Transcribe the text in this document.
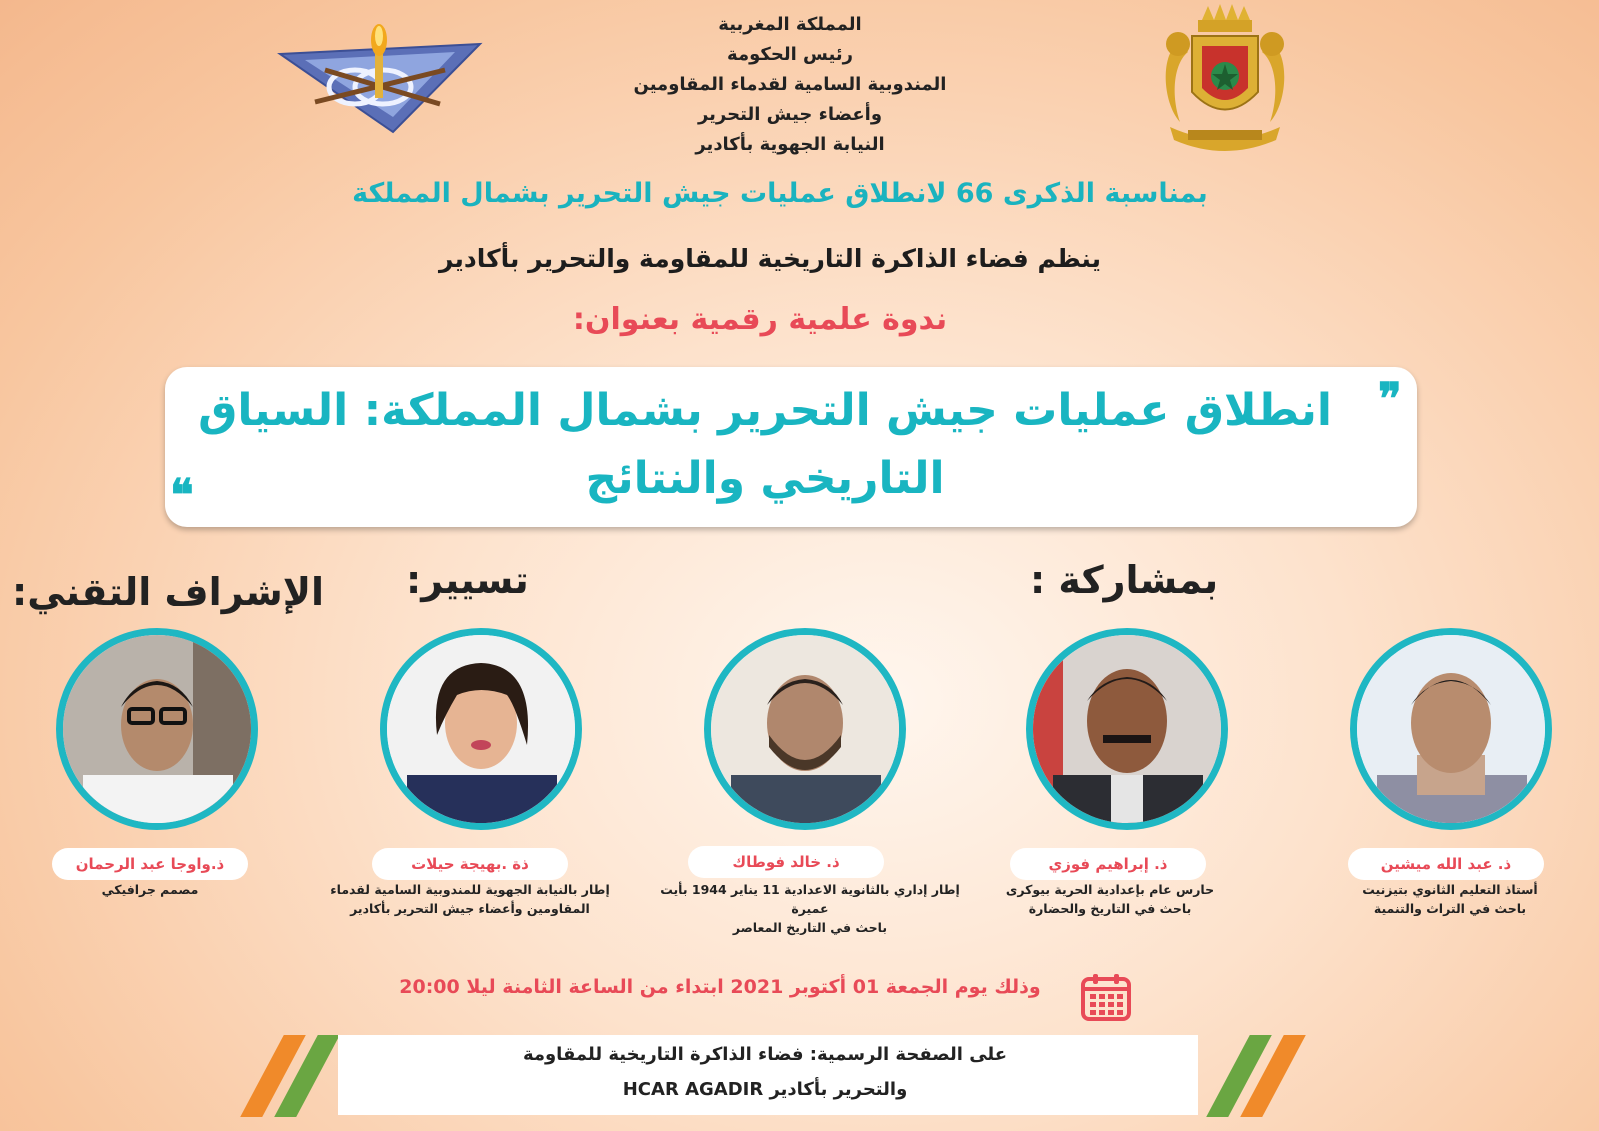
المملكة المغربية
رئيس الحكومة
المندوبية السامية لقدماء المقاومين
وأعضاء جيش التحرير
النيابة الجهوية بأكادير
بمناسبة الذكرى 66 لانطلاق عمليات جيش التحرير بشمال المملكة
ينظم فضاء الذاكرة التاريخية للمقاومة والتحرير بأكادير
ندوة علمية رقمية بعنوان:
❞
❝
انطلاق عمليات جيش التحرير بشمال المملكة: السياق
التاريخي والنتائج
بمشاركة :
تسيير:
الإشراف التقني:
ذ. عبد الله ميشين
ذ. إبراهيم فوزي
ذ. خالد فوطاك
ذة .بهيجة حيلات
ذ.واوجا عبد الرحمان
أستاذ التعليم الثانوي بتيزنيت
باحث في التراث والتنمية
حارس عام بإعدادية الحرية بيوكرى
باحث في التاريخ والحضارة
إطار إداري بالثانوية الاعدادية 11 يناير 1944 بأيت عميرة
باحث في التاريخ المعاصر
إطار بالنيابة الجهوية للمندوبية السامية لقدماء
المقاومين وأعضاء جيش التحرير بأكادير
مصمم جرافيكي
وذلك يوم الجمعة 01 أكتوبر 2021 ابتداء من الساعة الثامنة ليلا 20:00
على الصفحة الرسمية: فضاء الذاكرة التاريخية للمقاومة
والتحرير بأكادير HCAR AGADIR
